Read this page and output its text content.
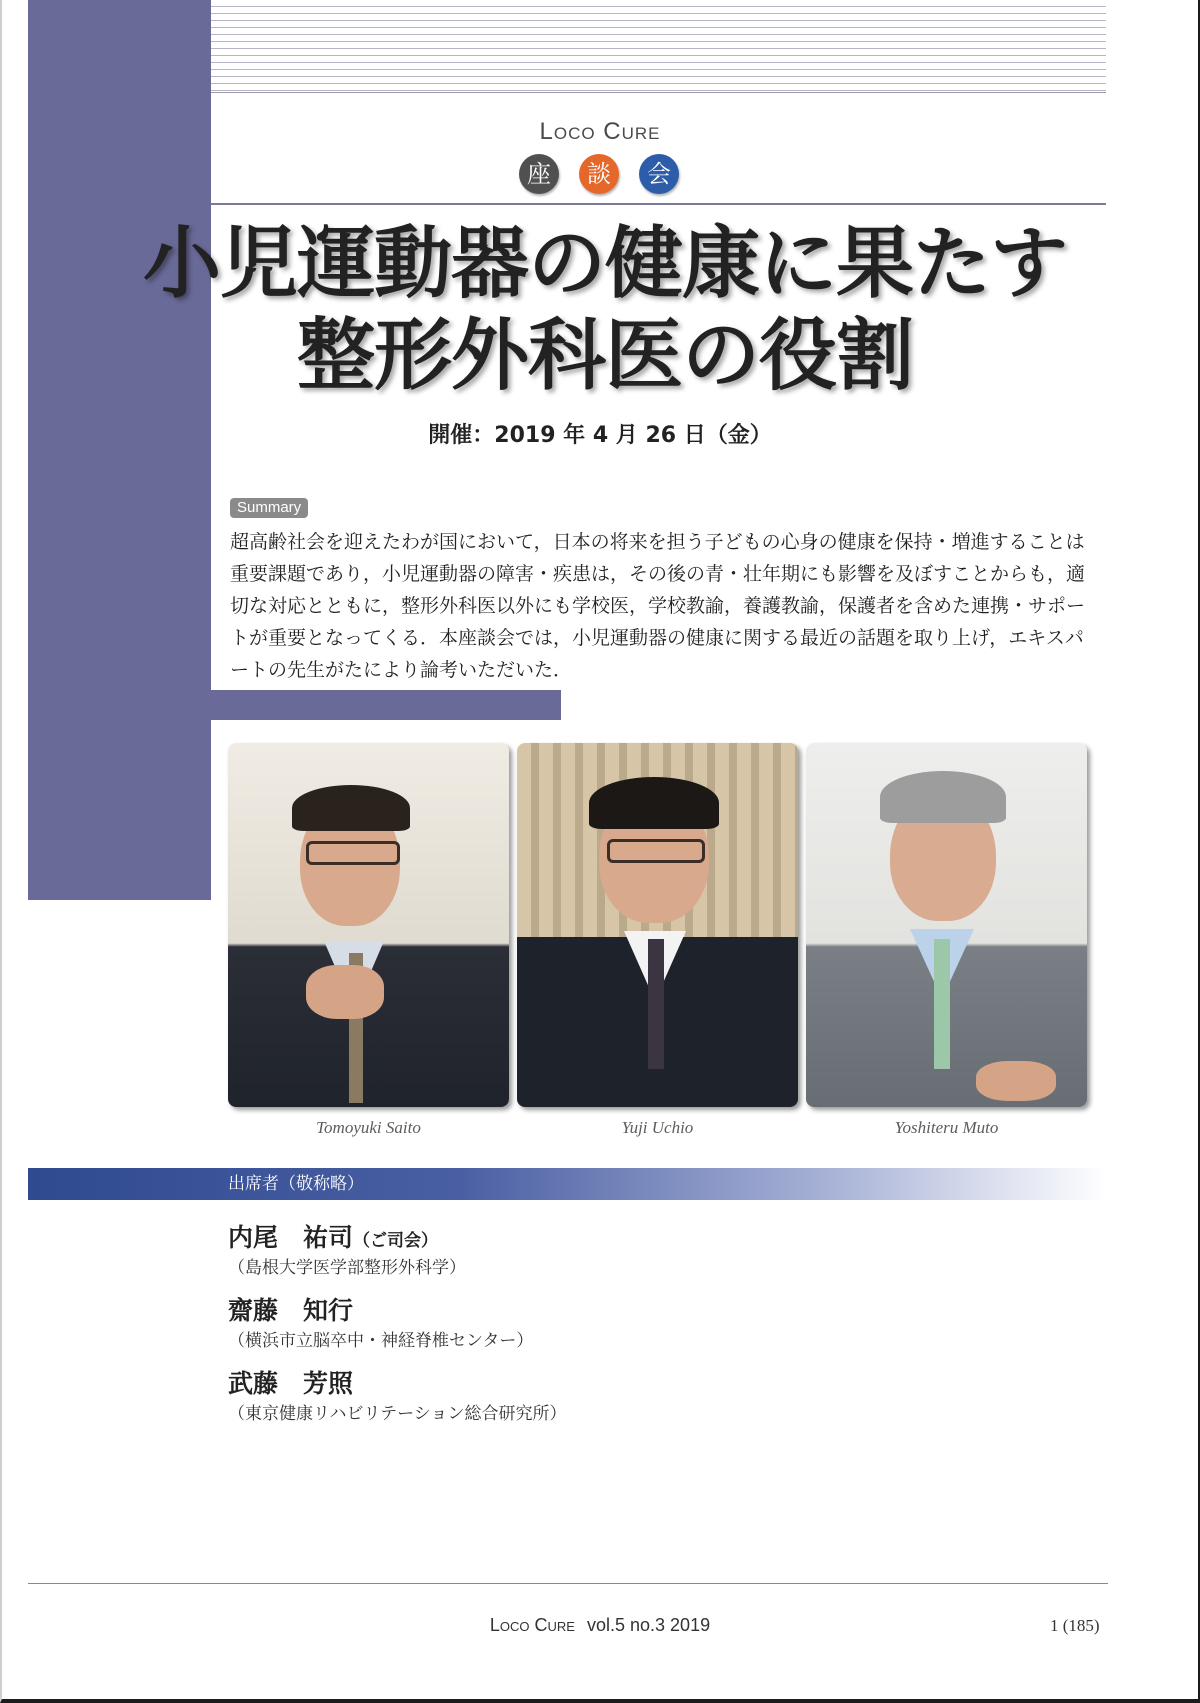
Loco Cure
座	談	会
小児運動器の健康に果たす
整形外科医の役割
開催：2019 年 4 月 26 日（金）
Summary

超高齢社会を迎えたわが国において，日本の将来を担う子どもの心身の健康を保持・増進することは重要課題であり，小児運動器の障害・疾患は，その後の青・壮年期にも影響を及ぼすことからも，適切な対応とともに，整形外科医以外にも学校医，学校教諭，養護教諭，保護者を含めた連携・サポートが重要となってくる．本座談会では，小児運動器の健康に関する最近の話題を取り上げ，エキスパートの先生がたにより論考いただいた．

Tomoyuki Saito	Yuji Uchio	Yoshiteru Muto
出席者（敬称略）
内尾　祐司（ご司会）
（島根大学医学部整形外科学）
齋藤　知行
（横浜市立脳卒中・神経脊椎センター）
武藤　芳照
（東京健康リハビリテーション総合研究所）
Loco Cure vol.5 no.3 2019	1 (185)
